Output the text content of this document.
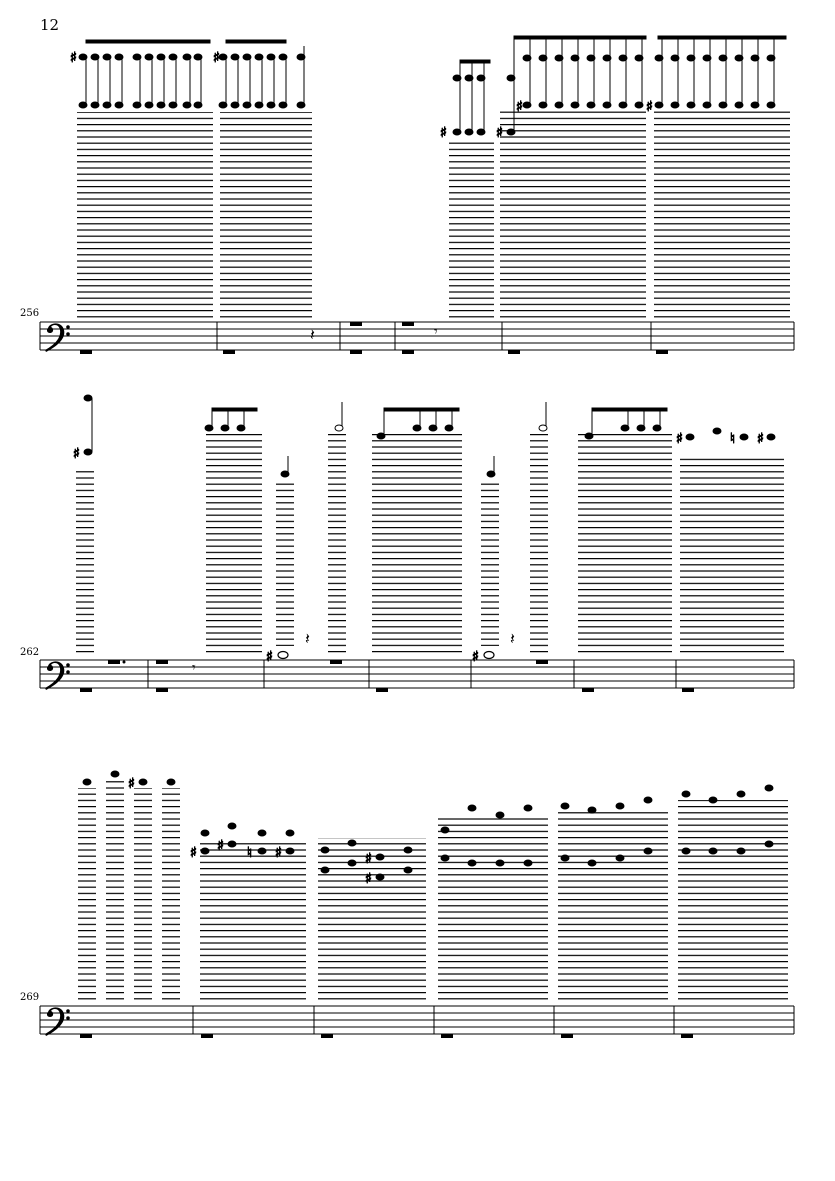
12
256
262
269
♯	♯
♯	♯
♯	♯
𝄽	𝄾
♯
♯	♮ ♯
♯	♯
𝄾
𝄽	𝄽
♯
♯ ♯ ♮ ♯	♯
♯
